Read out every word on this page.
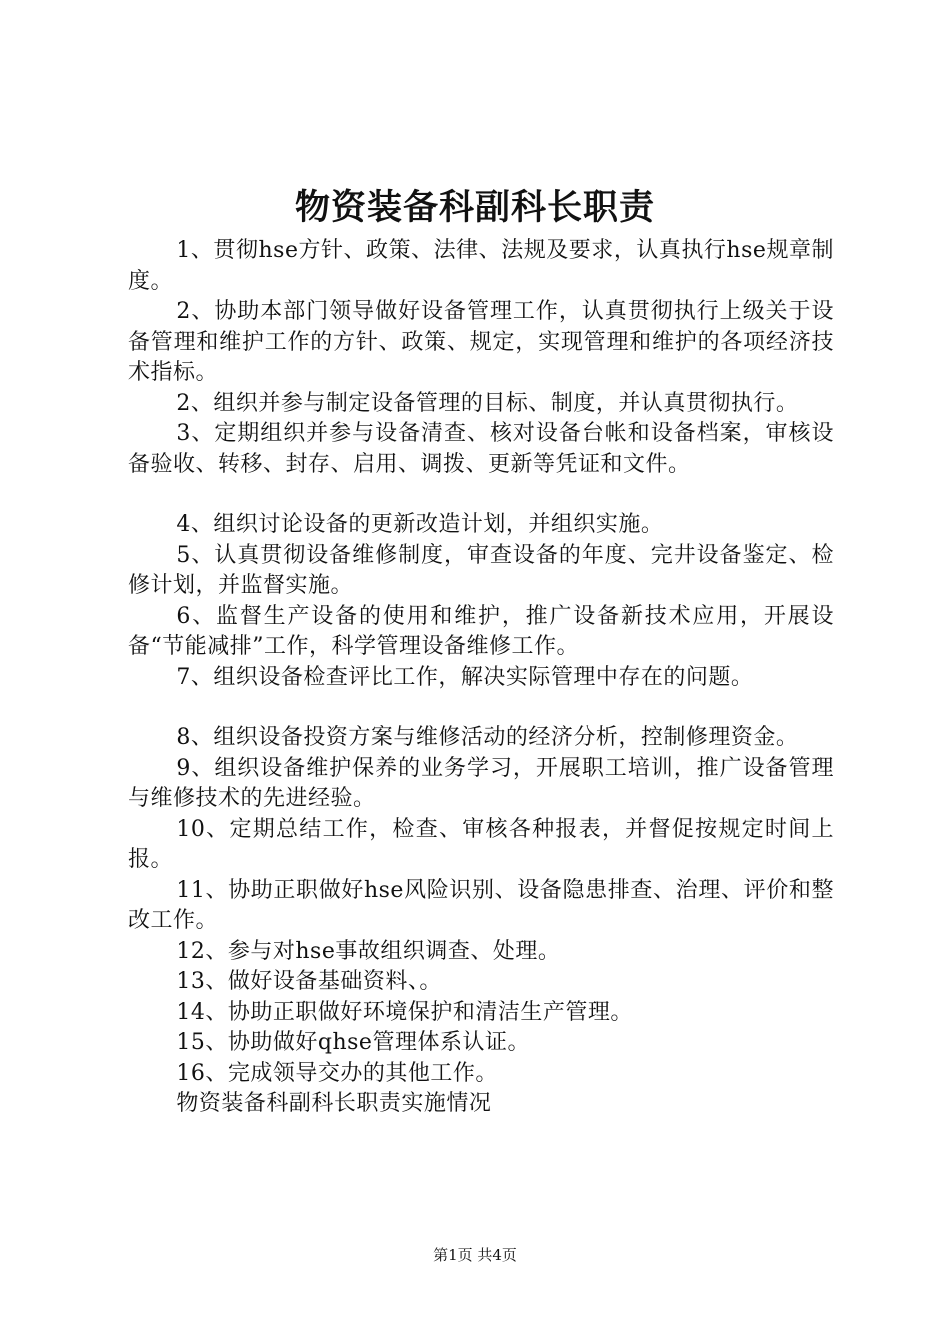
物资装备科副科长职责

1、贯彻hse方针、政策、法律、法规及要求，认真执行hse规章制度。

2、协助本部门领导做好设备管理工作，认真贯彻执行上级关于设备管理和维护工作的方针、政策、规定，实现管理和维护的各项经济技术指标。

2、组织并参与制定设备管理的目标、制度，并认真贯彻执行。

3、定期组织并参与设备清查、核对设备台帐和设备档案，审核设备验收、转移、封存、启用、调拨、更新等凭证和文件。

4、组织讨论设备的更新改造计划，并组织实施。

5、认真贯彻设备维修制度，审查设备的年度、完井设备鉴定、检修计划，并监督实施。

6、监督生产设备的使用和维护，推广设备新技术应用，开展设备“节能减排”工作，科学管理设备维修工作。

7、组织设备检查评比工作，解决实际管理中存在的问题。

8、组织设备投资方案与维修活动的经济分析，控制修理资金。

9、组织设备维护保养的业务学习，开展职工培训，推广设备管理与维修技术的先进经验。

10、定期总结工作，检查、审核各种报表，并督促按规定时间上报。

11、协助正职做好hse风险识别、设备隐患排查、治理、评价和整改工作。

12、参与对hse事故组织调查、处理。

13、做好设备基础资料、。

14、协助正职做好环境保护和清洁生产管理。

15、协助做好qhse管理体系认证。

16、完成领导交办的其他工作。

物资装备科副科长职责实施情况

第1页 共4页
